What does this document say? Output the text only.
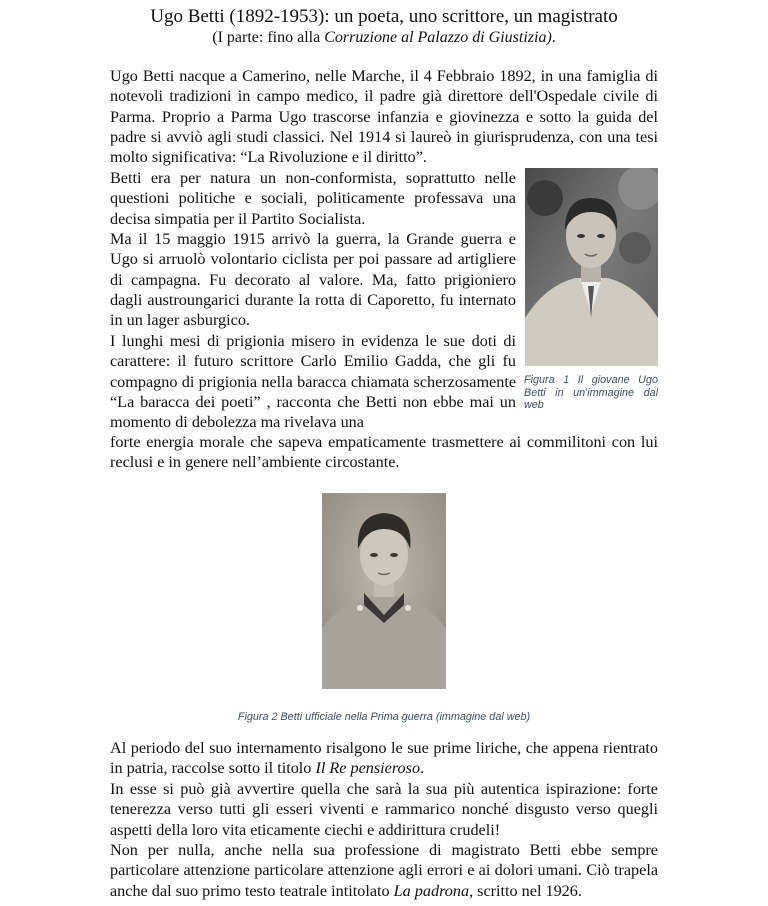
Ugo Betti (1892-1953): un poeta, uno scrittore, un magistrato
(I parte: fino alla Corruzione al Palazzo di Giustizia).

Ugo Betti nacque a Camerino, nelle Marche, il 4 Febbraio 1892, in una famiglia di notevoli tradizioni in campo medico, il padre già direttore dell'Ospedale civile di Parma. Proprio a Parma Ugo trascorse infanzia e giovinezza e sotto la guida del padre si avviò agli studi classici. Nel 1914 si laureò in giurisprudenza, con una tesi molto significativa: “La Rivoluzione e il diritto”.

Betti era per natura un non-conformista, soprattutto nelle questioni politiche e sociali, politicamente professava una decisa simpatia per il Partito Socialista.

Ma il 15 maggio 1915 arrivò la guerra, la Grande guerra e Ugo si arruolò volontario ciclista per poi passare ad artigliere di campagna. Fu decorato al valore. Ma, fatto prigioniero dagli austroungarici durante la rotta di Caporetto, fu internato in un lager asburgico.

I lunghi mesi di prigionia misero in evidenza le sue doti di carattere: il futuro scrittore Carlo Emilio Gadda, che gli fu compagno di prigionia nella baracca chiamata scherzosamente “La baracca dei poeti” , racconta che Betti non ebbe mai un momento di debolezza ma rivelava una

forte energia morale che sapeva empaticamente trasmettere ai commilitoni con lui reclusi e in genere nell’ambiente circostante.

Figura 1 Il giovane Ugo Betti in un'immagine dal web
Figura 2 Betti ufficiale nella Prima guerra (immagine dal web)

Al periodo del suo internamento risalgono le sue prime liriche, che appena rientrato in patria, raccolse sotto il titolo Il Re pensieroso.

In esse si può già avvertire quella che sarà la sua più autentica ispirazione: forte tenerezza verso tutti gli esseri viventi e rammarico nonché disgusto verso quegli aspetti della loro vita eticamente ciechi e addirittura crudeli!

Non per nulla, anche nella sua professione di magistrato Betti ebbe sempre particolare attenzione particolare attenzione agli errori e ai dolori umani. Ciò trapela anche dal suo primo testo teatrale intitolato La padrona, scritto nel 1926.
